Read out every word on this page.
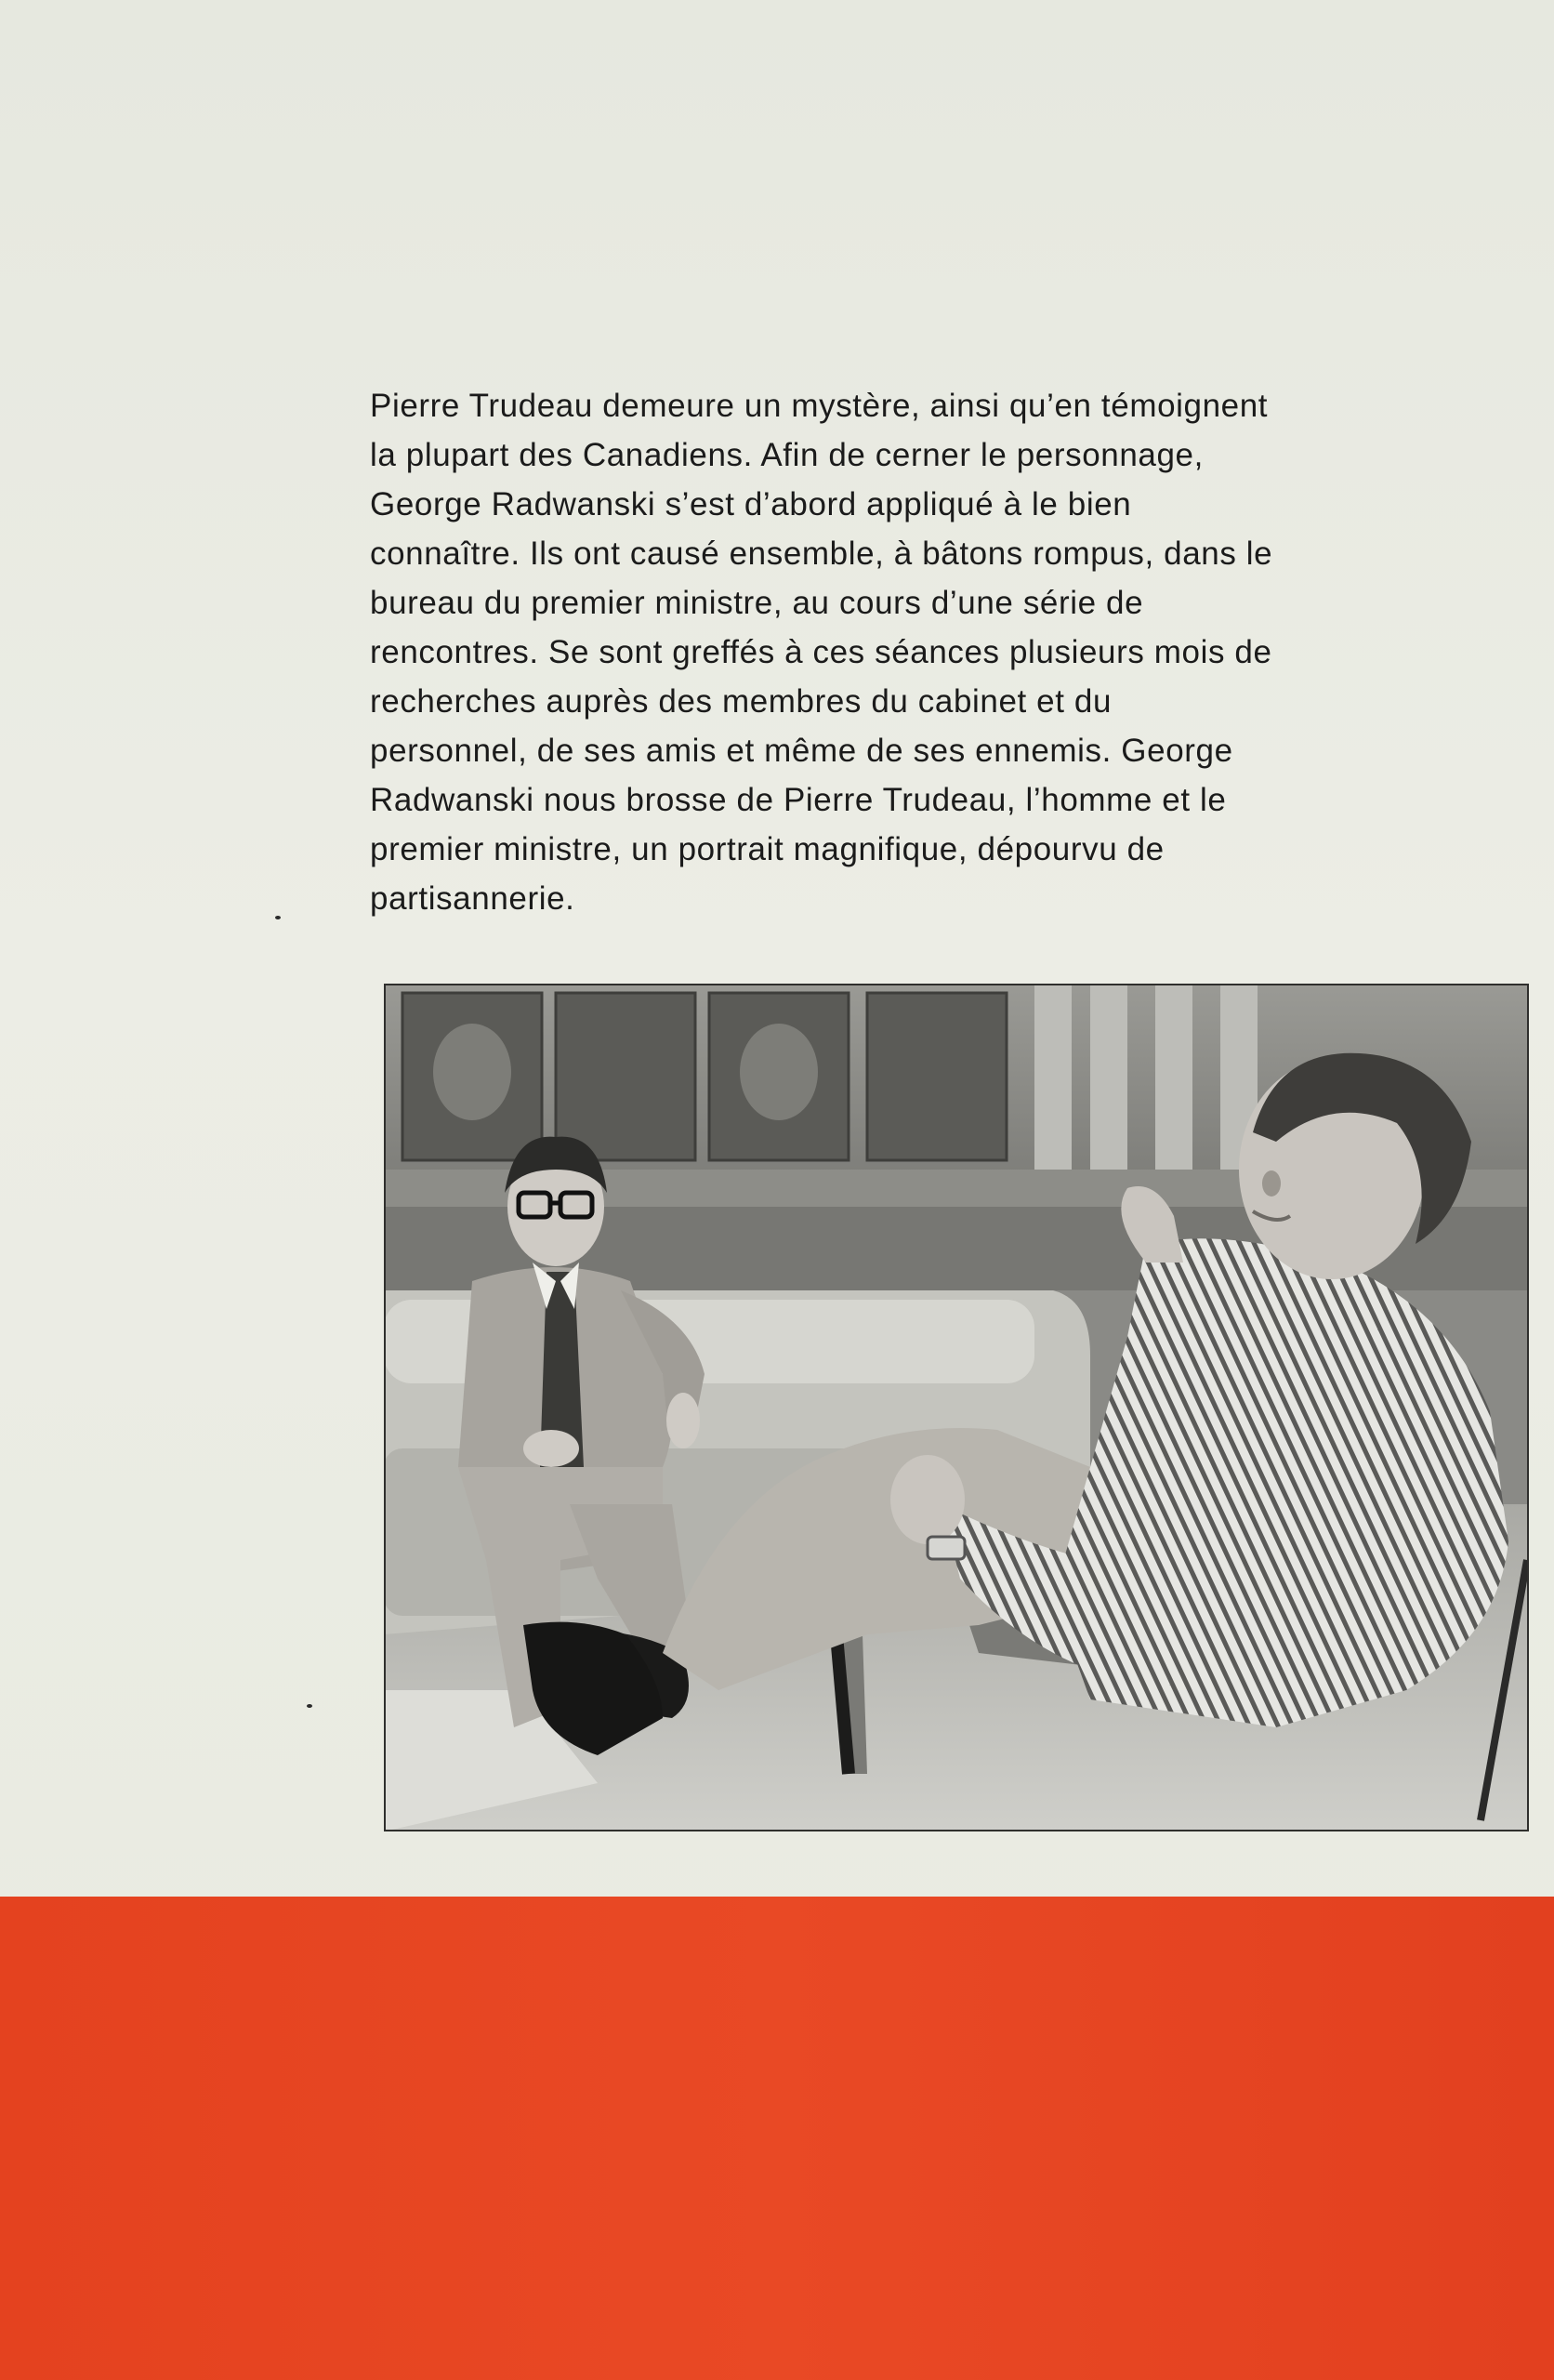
Pierre Trudeau demeure un mystère, ainsi qu’en témoignent
la plupart des Canadiens. Afin de cerner le personnage,
George Radwanski s’est d’abord appliqué à le bien
connaître. Ils ont causé ensemble, à bâtons rompus, dans le
bureau du premier ministre, au cours d’une série de
rencontres. Se sont greffés à ces séances plusieurs mois de
recherches auprès des membres du cabinet et du
personnel, de ses amis et même de ses ennemis. George
Radwanski nous brosse de Pierre Trudeau, l’homme et le
premier ministre, un portrait magnifique, dépourvu de
partisannerie.
